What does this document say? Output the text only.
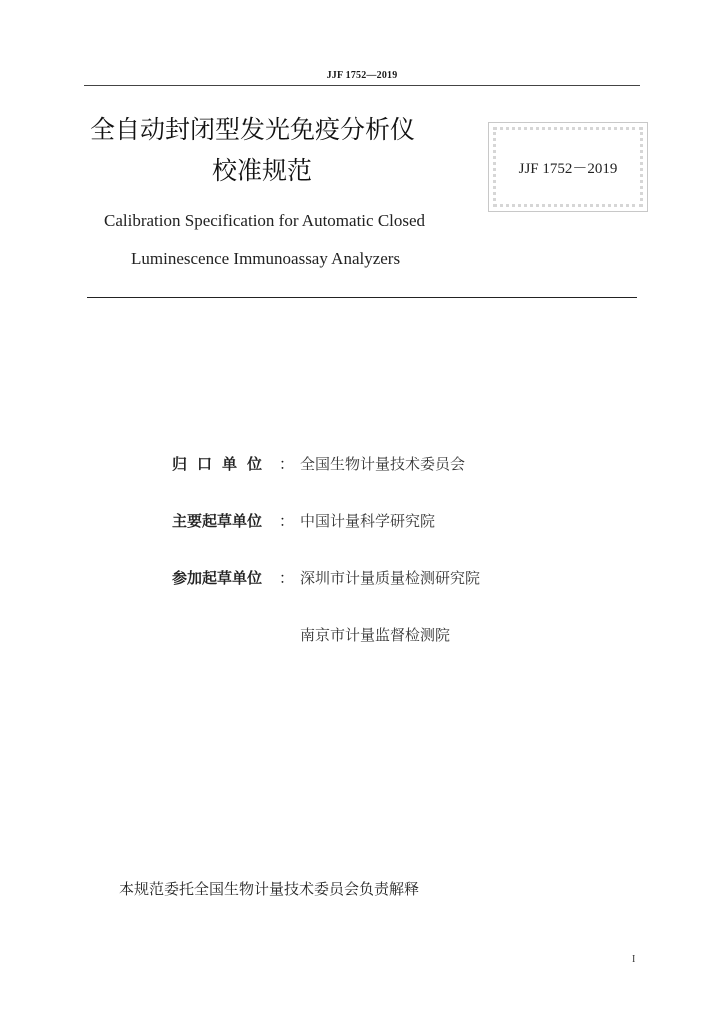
JJF 1752—2019
全自动封闭型发光免疫分析仪
校准规范	JJF 1752－2019
Calibration Specification for Automatic Closed
Luminescence Immunoassay Analyzers
归口单位 ： 全国生物计量技术委员会
主要起草单位	： 中国计量科学研究院
参加起草单位	： 深圳市计量质量检测研究院
南京市计量监督检测院
本规范委托全国生物计量技术委员会负责解释
I
